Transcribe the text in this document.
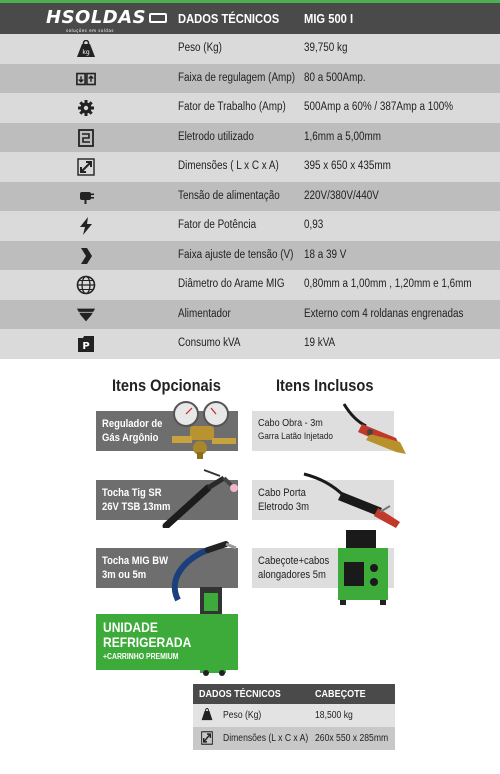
HSOLDAS
soluções em soldas
DADOS TÉCNICOS MIG 500 I
kg	Peso (Kg)	39,750 kg
Faixa de regulagem (Amp) 80 a 500Amp.
Fator de Trabalho (Amp) 500Amp a 60% / 387Amp a 100%
Eletrodo utilizado	1,6mm a 5,00mm
Dimensões ( L x C x A) 395 x 650 x 435mm
Tensão de alimentação 220V/380V/440V
Fator de Potência	0,93
Faixa ajuste de tensão (V) 18 a 39 V
Diâmetro do Arame MIG 0,80mm a 1,00mm , 1,20mm e 1,6mm
Alimentador	Externo com 4 roldanas engrenadas
P	Consumo kVA	19 kVA
Itens Opcionais	Itens Inclusos
Regulador de
Gás Argônio
Tocha Tig SR
26V TSB 13mm
Tocha MIG BW
3m ou 5m
UNIDADE
REFRIGERADA
+CARRINHO PREMIUM
Cabo Obra - 3m
Garra Latão Injetado
Cabo Porta
Eletrodo 3m
Cabeçote+cabos
alongadores 5m
DADOS TÉCNICOS	CABEÇOTE
Peso (Kg)	18,500 kg
Dimensões (L x C x A) 260x 550 x 285mm
